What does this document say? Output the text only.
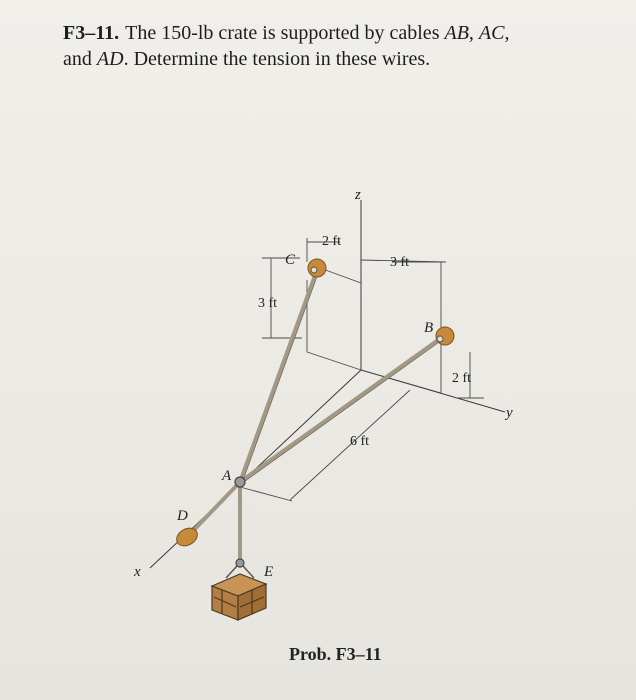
F3–11. The 150-lb crate is supported by cables AB, AC,
and AD. Determine the tension in these wires.
C
B
A
D
E
z
x
y
2 ft
3 ft
3 ft
2 ft
6 ft
Prob. F3–11
